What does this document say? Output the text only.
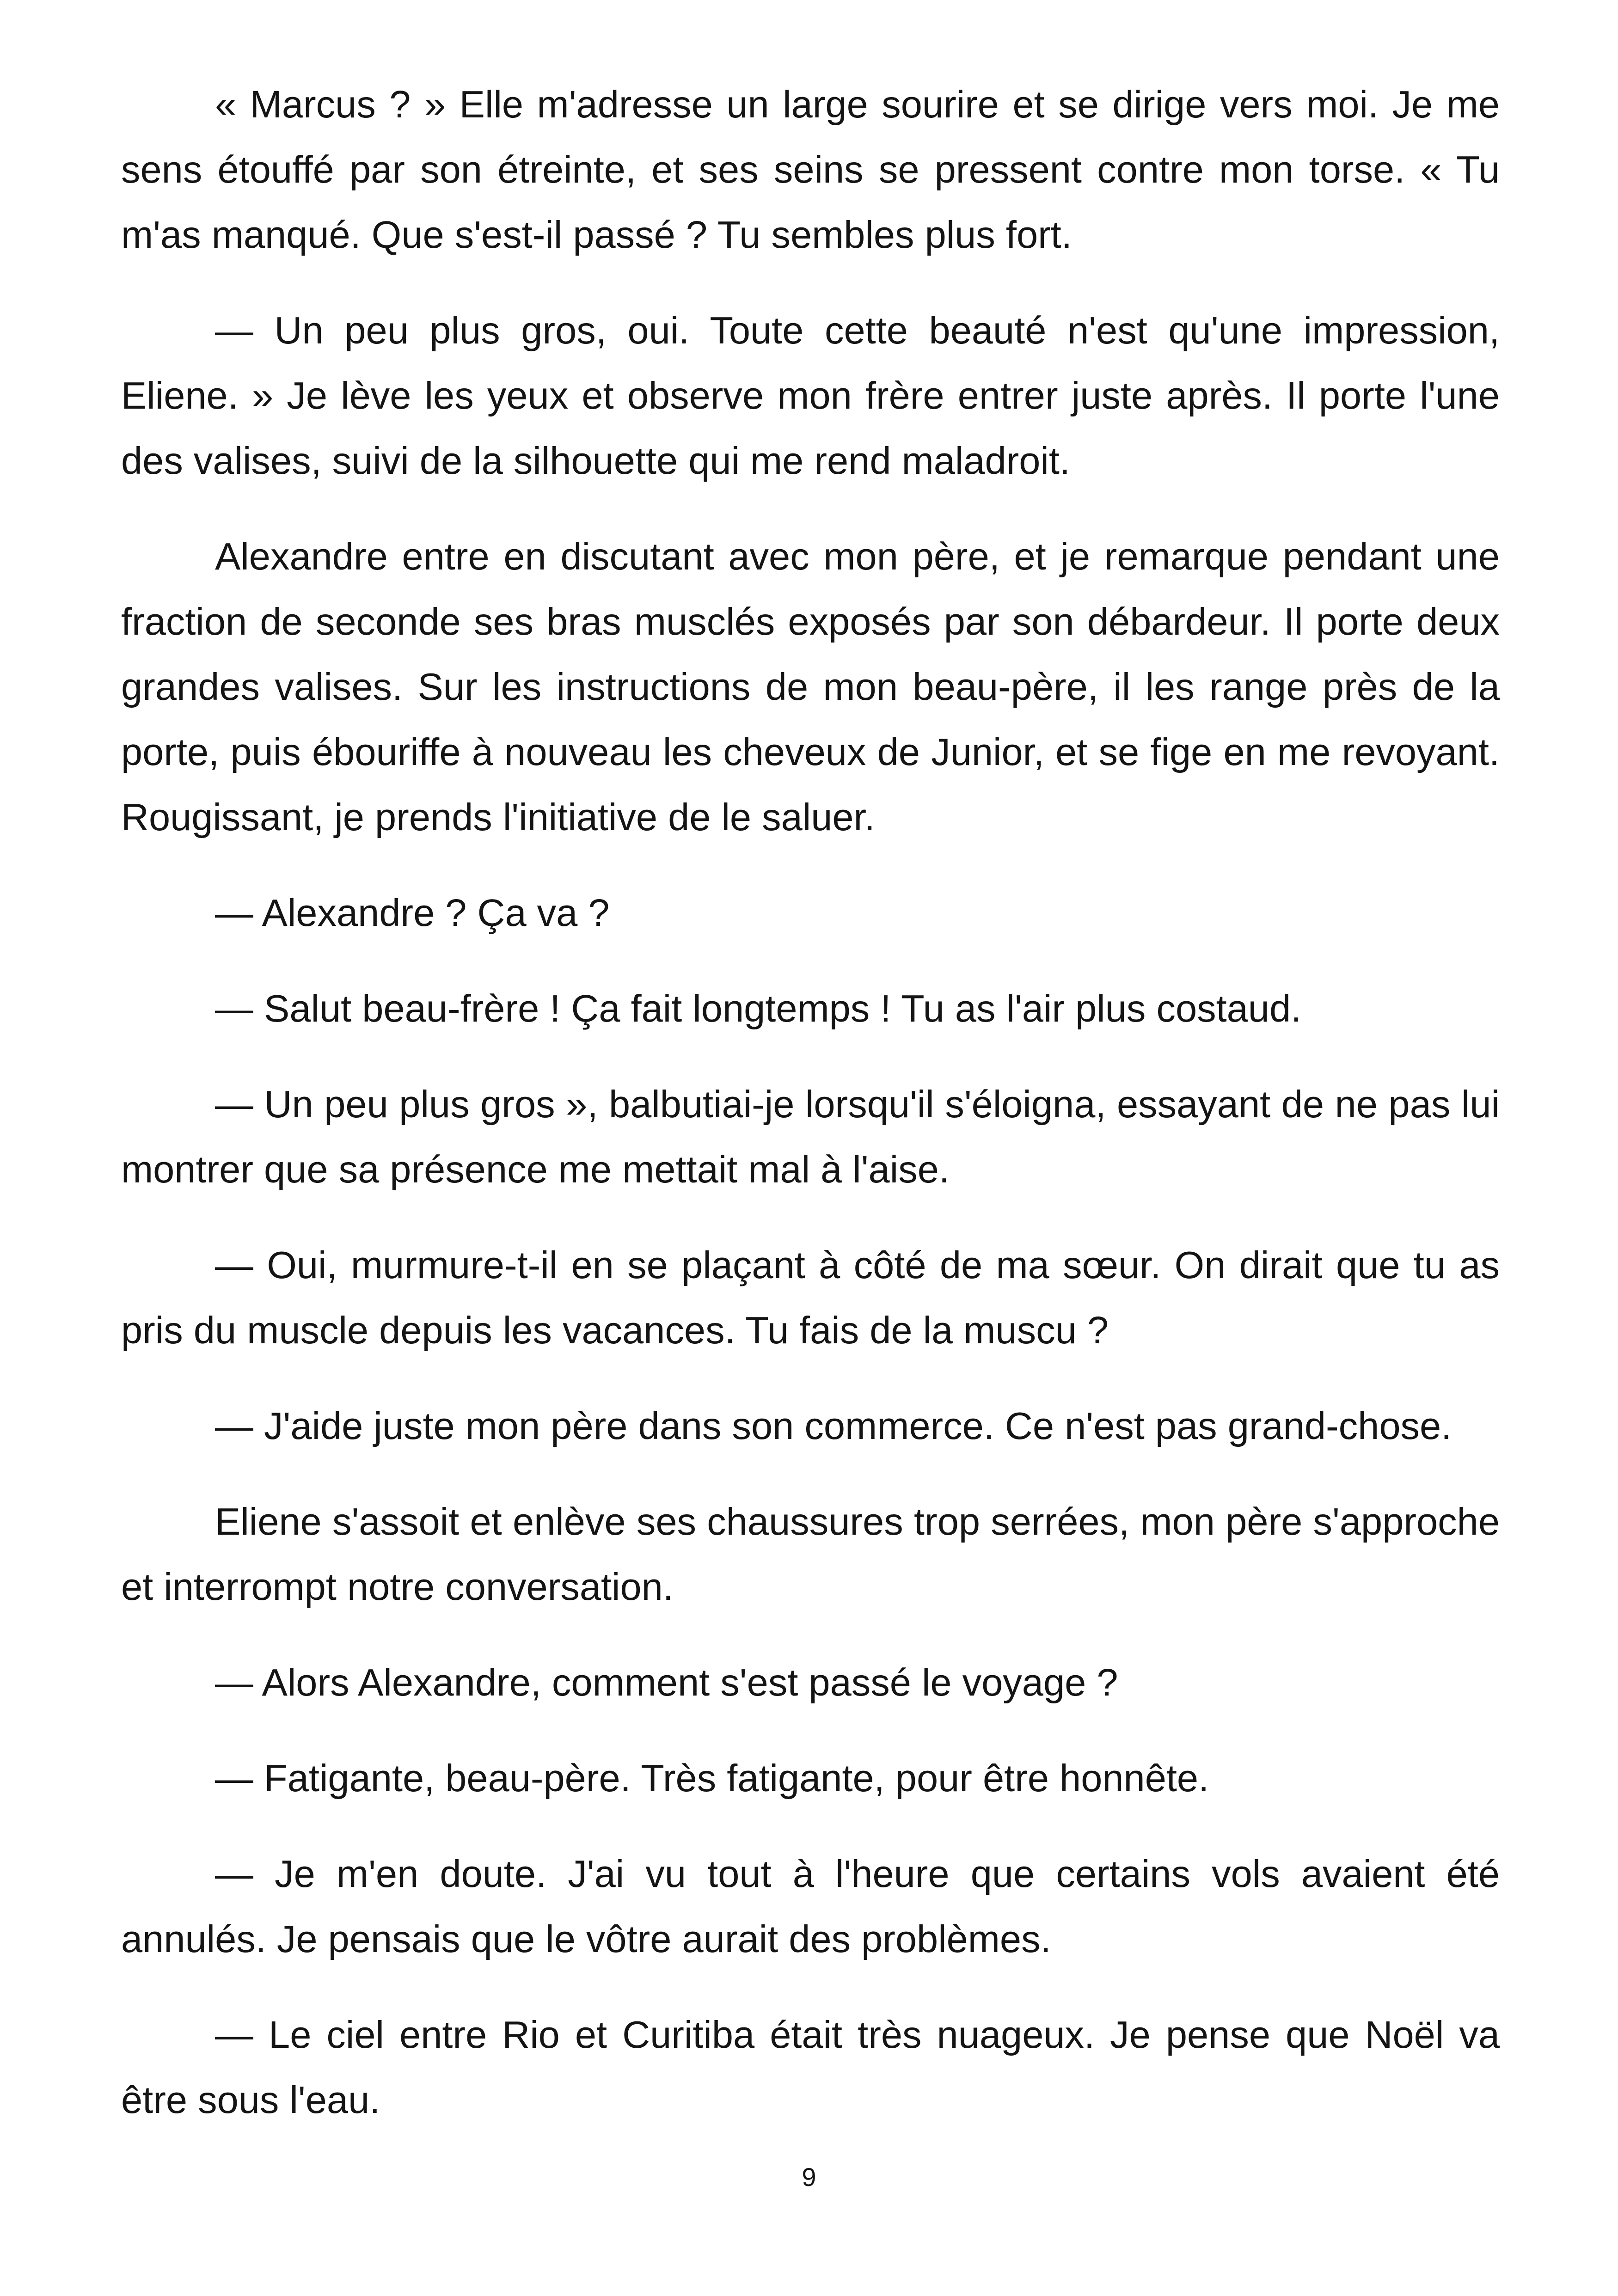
« Marcus ? » Elle m'adresse un large sourire et se dirige vers moi. Je me sens étouffé par son étreinte, et ses seins se pressent contre mon torse. « Tu m'as manqué. Que s'est-il passé ? Tu sembles plus fort.

— Un peu plus gros, oui. Toute cette beauté n'est qu'une impression, Eliene. » Je lève les yeux et observe mon frère entrer juste après. Il porte l'une des valises, suivi de la silhouette qui me rend maladroit.

Alexandre entre en discutant avec mon père, et je remarque pendant une fraction de seconde ses bras musclés exposés par son débardeur. Il porte deux grandes valises. Sur les instructions de mon beau-père, il les range près de la porte, puis ébouriffe à nouveau les cheveux de Junior, et se fige en me revoyant. Rougissant, je prends l'initiative de le saluer.

— Alexandre ? Ça va ?

— Salut beau-frère ! Ça fait longtemps ! Tu as l'air plus costaud.

— Un peu plus gros », balbutiai-je lorsqu'il s'éloigna, essayant de ne pas lui montrer que sa présence me mettait mal à l'aise.

— Oui, murmure-t-il en se plaçant à côté de ma sœur. On dirait que tu as pris du muscle depuis les vacances. Tu fais de la muscu ?

— J'aide juste mon père dans son commerce. Ce n'est pas grand-chose.

Eliene s'assoit et enlève ses chaussures trop serrées, mon père s'approche et interrompt notre conversation.

— Alors Alexandre, comment s'est passé le voyage ?

— Fatigante, beau-père. Très fatigante, pour être honnête.

— Je m'en doute. J'ai vu tout à l'heure que certains vols avaient été annulés. Je pensais que le vôtre aurait des problèmes.

— Le ciel entre Rio et Curitiba était très nuageux. Je pense que Noël va être sous l'eau.

9
